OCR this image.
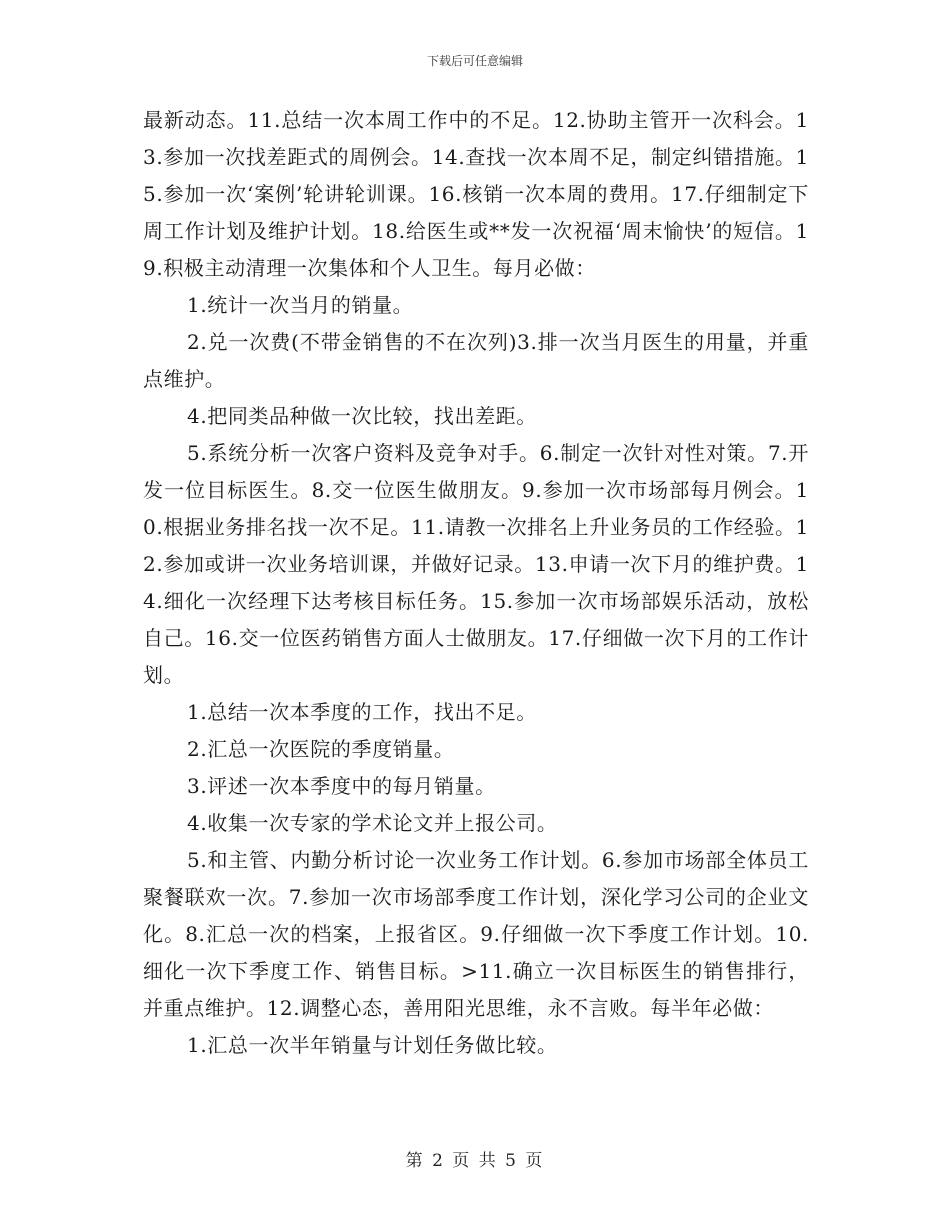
下载后可任意编辑

最新动态。11.总结一次本周工作中的不足。12.协助主管开一次科会。13.参加一次找差距式的周例会。14.查找一次本周不足，制定纠错措施。15.参加一次‘案例’轮讲轮训课。16.核销一次本周的费用。17.仔细制定下周工作计划及维护计划。18.给医生或**发一次祝福‘周末愉快’的短信。19.积极主动清理一次集体和个人卫生。每月必做：

1.统计一次当月的销量。

2.兑一次费(不带金销售的不在次列)3.排一次当月医生的用量，并重点维护。

4.把同类品种做一次比较，找出差距。

5.系统分析一次客户资料及竞争对手。6.制定一次针对性对策。7.开发一位目标医生。8.交一位医生做朋友。9.参加一次市场部每月例会。10.根据业务排名找一次不足。11.请教一次排名上升业务员的工作经验。12.参加或讲一次业务培训课，并做好记录。13.申请一次下月的维护费。14.细化一次经理下达考核目标任务。15.参加一次市场部娱乐活动，放松自己。16.交一位医药销售方面人士做朋友。17.仔细做一次下月的工作计划。

1.总结一次本季度的工作，找出不足。

2.汇总一次医院的季度销量。

3.评述一次本季度中的每月销量。

4.收集一次专家的学术论文并上报公司。

5.和主管、内勤分析讨论一次业务工作计划。6.参加市场部全体员工聚餐联欢一次。7.参加一次市场部季度工作计划，深化学习公司的企业文化。8.汇总一次的档案，上报省区。9.仔细做一次下季度工作计划。10.细化一次下季度工作、销售目标。>11.确立一次目标医生的销售排行，并重点维护。12.调整心态，善用阳光思维，永不言败。每半年必做：

1.汇总一次半年销量与计划任务做比较。

第 2 页 共 5 页
